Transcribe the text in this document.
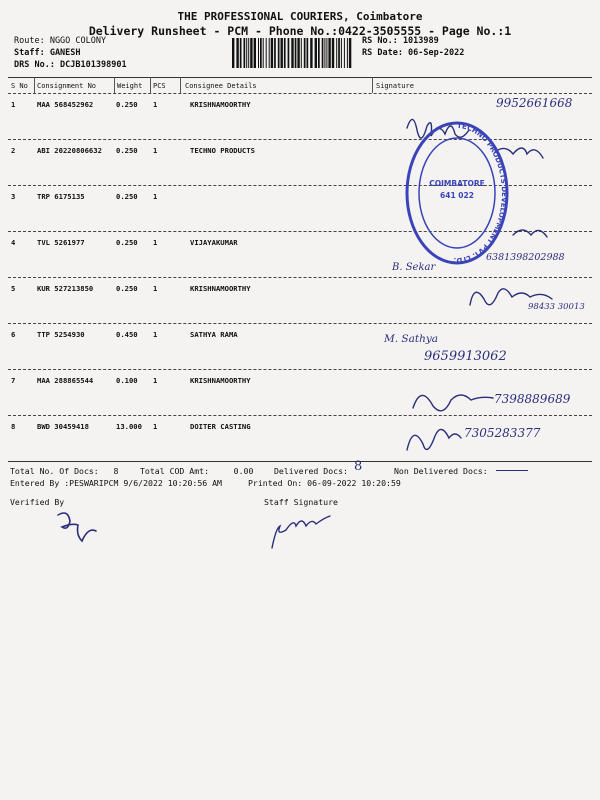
THE PROFESSIONAL COURIERS, Coimbatore
Delivery Runsheet - PCM - Phone No.:0422-3505555 - Page No.:1
Route: NGGO COLONY
Staff: GANESH
DRS No.: DCJB101398901
RS No.: 1013989
RS Date: 06-Sep-2022
S No Consignment No	Weight PCS	Consignee Details	Signature
1	MAA 568452962	0.250 1	KRISHNAMOORTHY
2	ABI 20220806632 0.250 1	TECHNO PRODUCTS
3	TRP 6175135	0.250 1
4	TVL 5261977	0.250 1	VIJAYAKUMAR
5	KUR 527213850	0.250 1	KRISHNAMOORTHY
6	TTP 5254930	0.450 1	SATHYA RAMA
7	MAA 288865544	0.100 1	KRISHNAMOORTHY
8	BWD 30459418	13.000 1	DOITER CASTING
TECHNO PRODUCTS DEVELOPMENT PVT. LTD.
COIMBATORE
641 022
9952661668
B. Sekar
6381398202988
98433 30013
M. Sathya
9659913062
7398889689
7305283377
Total No. Of Docs:   8	Total COD Amt:     0.00	Delivered Docs: 8	Non Delivered Docs:
Entered By :PESWARIPCM 9/6/2022 10:20:56 AM	Printed On: 06-09-2022 10:20:59
Verified By	Staff Signature
